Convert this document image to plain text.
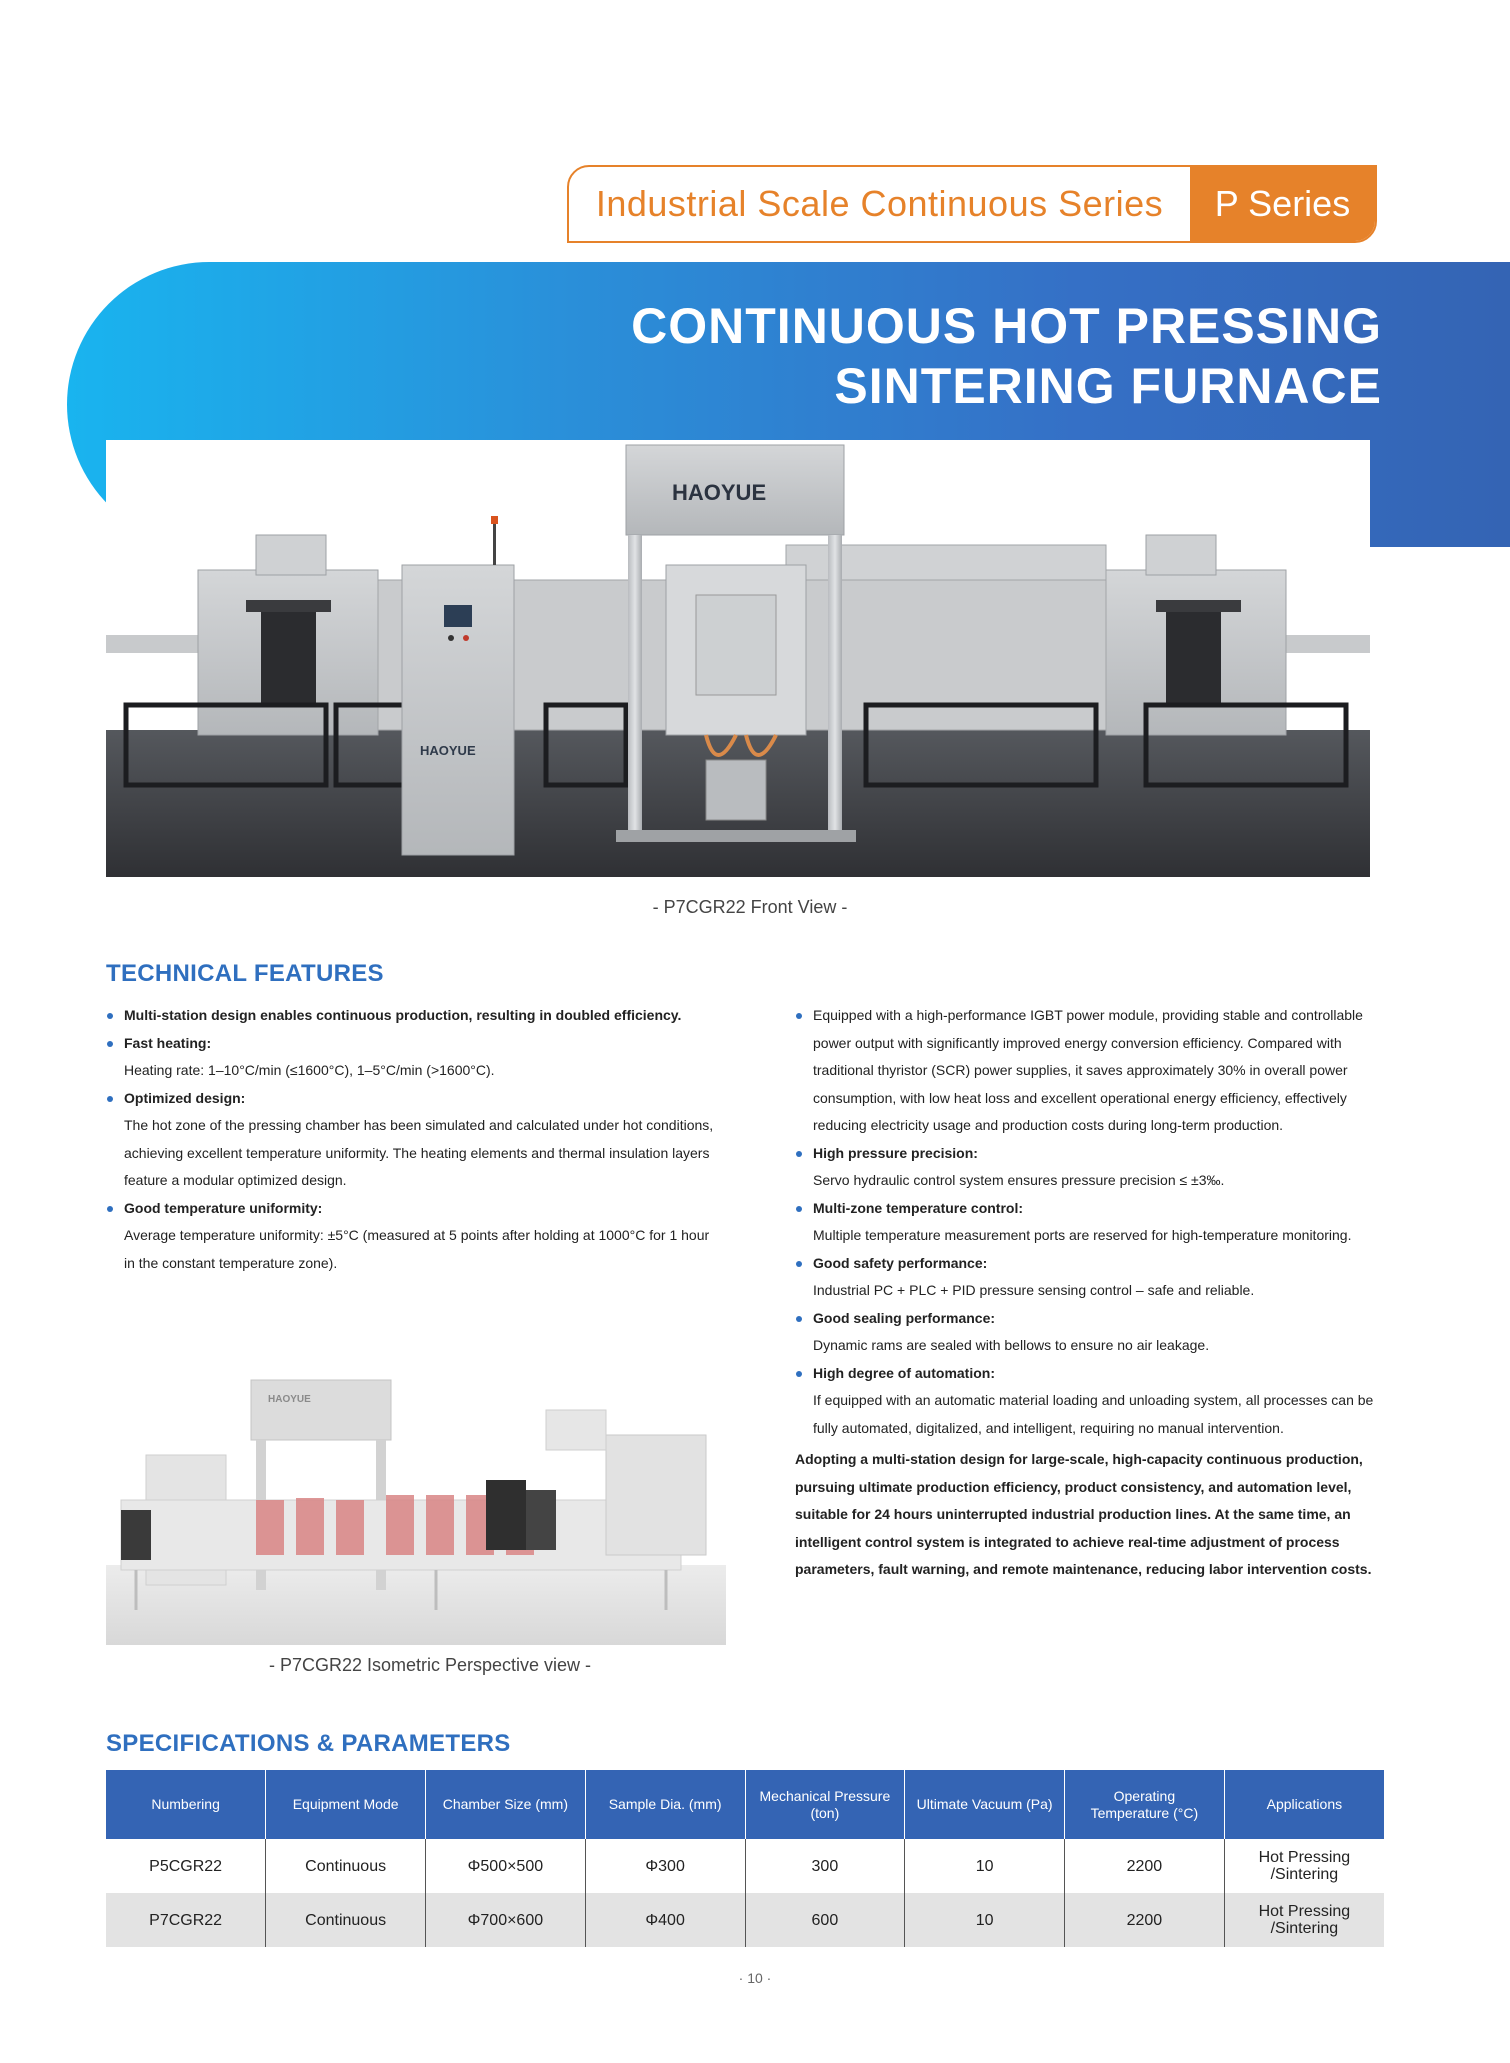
Industrial Scale Continuous Series	P Series
HAOYUE
HAOYUE
CONTINUOUS HOT PRESSING
SINTERING FURNACE
- P7CGR22 Front View -
TECHNICAL FEATURES
Multi-station design enables continuous production, resulting in doubled efficiency.
Fast heating:
Heating rate: 1–10°C/min (≤1600°C), 1–5°C/min (>1600°C).
Optimized design:
The hot zone of the pressing chamber has been simulated and calculated under hot conditions,
achieving excellent temperature uniformity. The heating elements and thermal insulation layers
feature a modular optimized design.
Good temperature uniformity:
Average temperature uniformity: ±5°C (measured at 5 points after holding at 1000°C for 1 hour
in the constant temperature zone).
Equipped with a high-performance IGBT power module, providing stable and controllable
power output with significantly improved energy conversion efficiency. Compared with
traditional thyristor (SCR) power supplies, it saves approximately 30% in overall power
consumption, with low heat loss and excellent operational energy efficiency, effectively
reducing electricity usage and production costs during long-term production.
High pressure precision:
Servo hydraulic control system ensures pressure precision ≤ ±3‰.
Multi-zone temperature control:
Multiple temperature measurement ports are reserved for high-temperature monitoring.
Good safety performance:
Industrial PC + PLC + PID pressure sensing control – safe and reliable.
Good sealing performance:
Dynamic rams are sealed with bellows to ensure no air leakage.
High degree of automation:
If equipped with an automatic material loading and unloading system, all processes can be
fully automated, digitalized, and intelligent, requiring no manual intervention.
Adopting a multi-station design for large-scale, high-capacity continuous production,
pursuing ultimate production efficiency, product consistency, and automation level,
suitable for 24 hours uninterrupted industrial production lines. At the same time, an
intelligent control system is integrated to achieve real-time adjustment of process
parameters, fault warning, and remote maintenance, reducing labor intervention costs.
HAOYUE
- P7CGR22 Isometric Perspective view -
SPECIFICATIONS & PARAMETERS
Numbering	Equipment Mode	Chamber Size (mm)	Sample Dia. (mm)	Mechanical Pressure
(ton)	Ultimate Vacuum (Pa)	Operating
Temperature (°C)	Applications
P5CGR22	Continuous	Φ500×500	Φ300	300	10	2200	Hot Pressing
/Sintering
P7CGR22	Continuous	Φ700×600	Φ400	600	10	2200	Hot Pressing
/Sintering
· 10 ·
